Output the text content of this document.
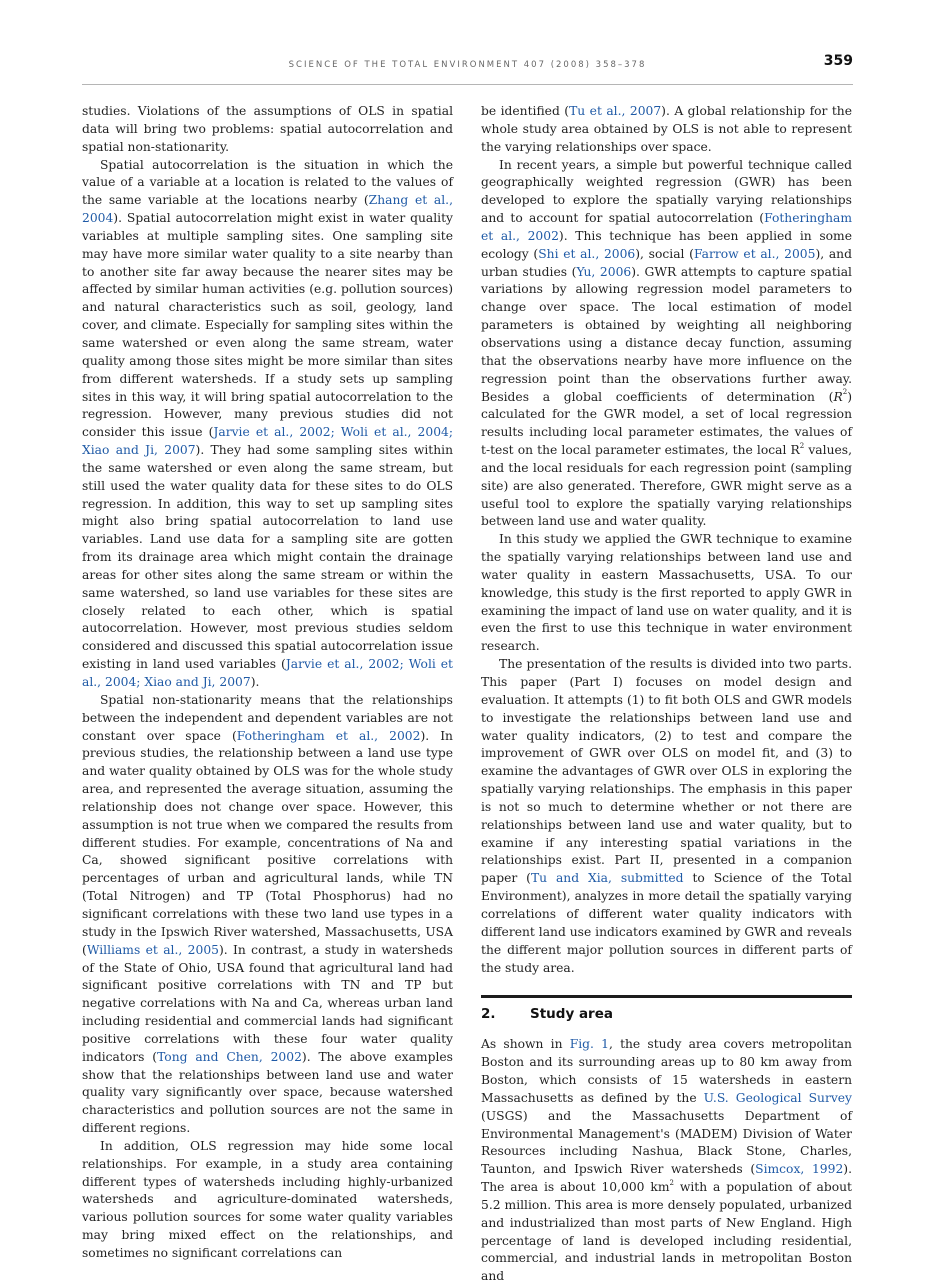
SCIENCE OF THE TOTAL ENVIRONMENT 407 (2008) 358–378	359

studies. Violations of the assumptions of OLS in spatial data will bring two problems: spatial autocorrelation and spatial non-stationarity.

Spatial autocorrelation is the situation in which the value of a variable at a location is related to the values of the same variable at the locations nearby (Zhang et al., 2004). Spatial autocorrelation might exist in water quality variables at multiple sampling sites. One sampling site may have more similar water quality to a site nearby than to another site far away because the nearer sites may be affected by similar human activities (e.g. pollution sources) and natural characteristics such as soil, geology, land cover, and climate. Especially for sampling sites within the same watershed or even along the same stream, water quality among those sites might be more similar than sites from different watersheds. If a study sets up sampling sites in this way, it will bring spatial autocorrelation to the regression. However, many previous studies did not consider this issue (Jarvie et al., 2002; Woli et al., 2004; Xiao and Ji, 2007). They had some sampling sites within the same watershed or even along the same stream, but still used the water quality data for these sites to do OLS regression. In addition, this way to set up sampling sites might also bring spatial autocorrelation to land use variables. Land use data for a sampling site are gotten from its drainage area which might contain the drainage areas for other sites along the same stream or within the same watershed, so land use variables for these sites are closely related to each other, which is spatial autocorrelation. However, most previous studies seldom considered and discussed this spatial autocorrelation issue existing in land used variables (Jarvie et al., 2002; Woli et al., 2004; Xiao and Ji, 2007).

Spatial non-stationarity means that the relationships between the independent and dependent variables are not constant over space (Fotheringham et al., 2002). In previous studies, the relationship between a land use type and water quality obtained by OLS was for the whole study area, and represented the average situation, assuming the relationship does not change over space. However, this assumption is not true when we compared the results from different studies. For example, concentrations of Na and Ca, showed significant positive correlations with percentages of urban and agricultural lands, while TN (Total Nitrogen) and TP (Total Phosphorus) had no significant correlations with these two land use types in a study in the Ipswich River watershed, Massachusetts, USA (Williams et al., 2005). In contrast, a study in watersheds of the State of Ohio, USA found that agricultural land had significant positive correlations with TN and TP but negative correlations with Na and Ca, whereas urban land including residential and commercial lands had significant positive correlations with these four water quality indicators (Tong and Chen, 2002). The above examples show that the relationships between land use and water quality vary significantly over space, because watershed characteristics and pollution sources are not the same in different regions.

In addition, OLS regression may hide some local relationships. For example, in a study area containing different types of watersheds including highly-urbanized watersheds and agriculture-dominated watersheds, various pollution sources for some water quality variables may bring mixed effect on the relationships, and sometimes no significant correlations can

be identified (Tu et al., 2007). A global relationship for the whole study area obtained by OLS is not able to represent the varying relationships over space.

In recent years, a simple but powerful technique called geographically weighted regression (GWR) has been developed to explore the spatially varying relationships and to account for spatial autocorrelation (Fotheringham et al., 2002). This technique has been applied in some ecology (Shi et al., 2006), social (Farrow et al., 2005), and urban studies (Yu, 2006). GWR attempts to capture spatial variations by allowing regression model parameters to change over space. The local estimation of model parameters is obtained by weighting all neighboring observations using a distance decay function, assuming that the observations nearby have more influence on the regression point than the observations further away. Besides a global coefficients of determination $(R^2)$ calculated for the GWR model, a set of local regression results including local parameter estimates, the values of t-test on the local parameter estimates, the local $R^2$ values, and the local residuals for each regression point (sampling site) are also generated. Therefore, GWR might serve as a useful tool to explore the spatially varying relationships between land use and water quality.

In this study we applied the GWR technique to examine the spatially varying relationships between land use and water quality in eastern Massachusetts, USA. To our knowledge, this study is the first reported to apply GWR in examining the impact of land use on water quality, and it is even the first to use this technique in water environment research.

The presentation of the results is divided into two parts. This paper (Part I) focuses on model design and evaluation. It attempts (1) to fit both OLS and GWR models to investigate the relationships between land use and water quality indicators, (2) to test and compare the improvement of GWR over OLS on model fit, and (3) to examine the advantages of GWR over OLS in exploring the spatially varying relationships. The emphasis in this paper is not so much to determine whether or not there are relationships between land use and water quality, but to examine if any interesting spatial variations in the relationships exist. Part II, presented in a companion paper (Tu and Xia, submitted to Science of the Total Environment), analyzes in more detail the spatially varying correlations of different water quality indicators with different land use indicators examined by GWR and reveals the different major pollution sources in different parts of the study area.

2.	Study area

As shown in Fig. 1, the study area covers metropolitan Boston and its surrounding areas up to 80 km away from Boston, which consists of 15 watersheds in eastern Massachusetts as defined by the U.S. Geological Survey (USGS) and the Massachusetts Department of Environmental Management's (MADEM) Division of Water Resources including Nashua, Black Stone, Charles, Taunton, and Ipswich River watersheds (Simcox, 1992). The area is about 10,000 $km^2$ with a population of about 5.2 million. This area is more densely populated, urbanized and industrialized than most parts of New England. High percentage of land is developed including residential, commercial, and industrial lands in metropolitan Boston and
